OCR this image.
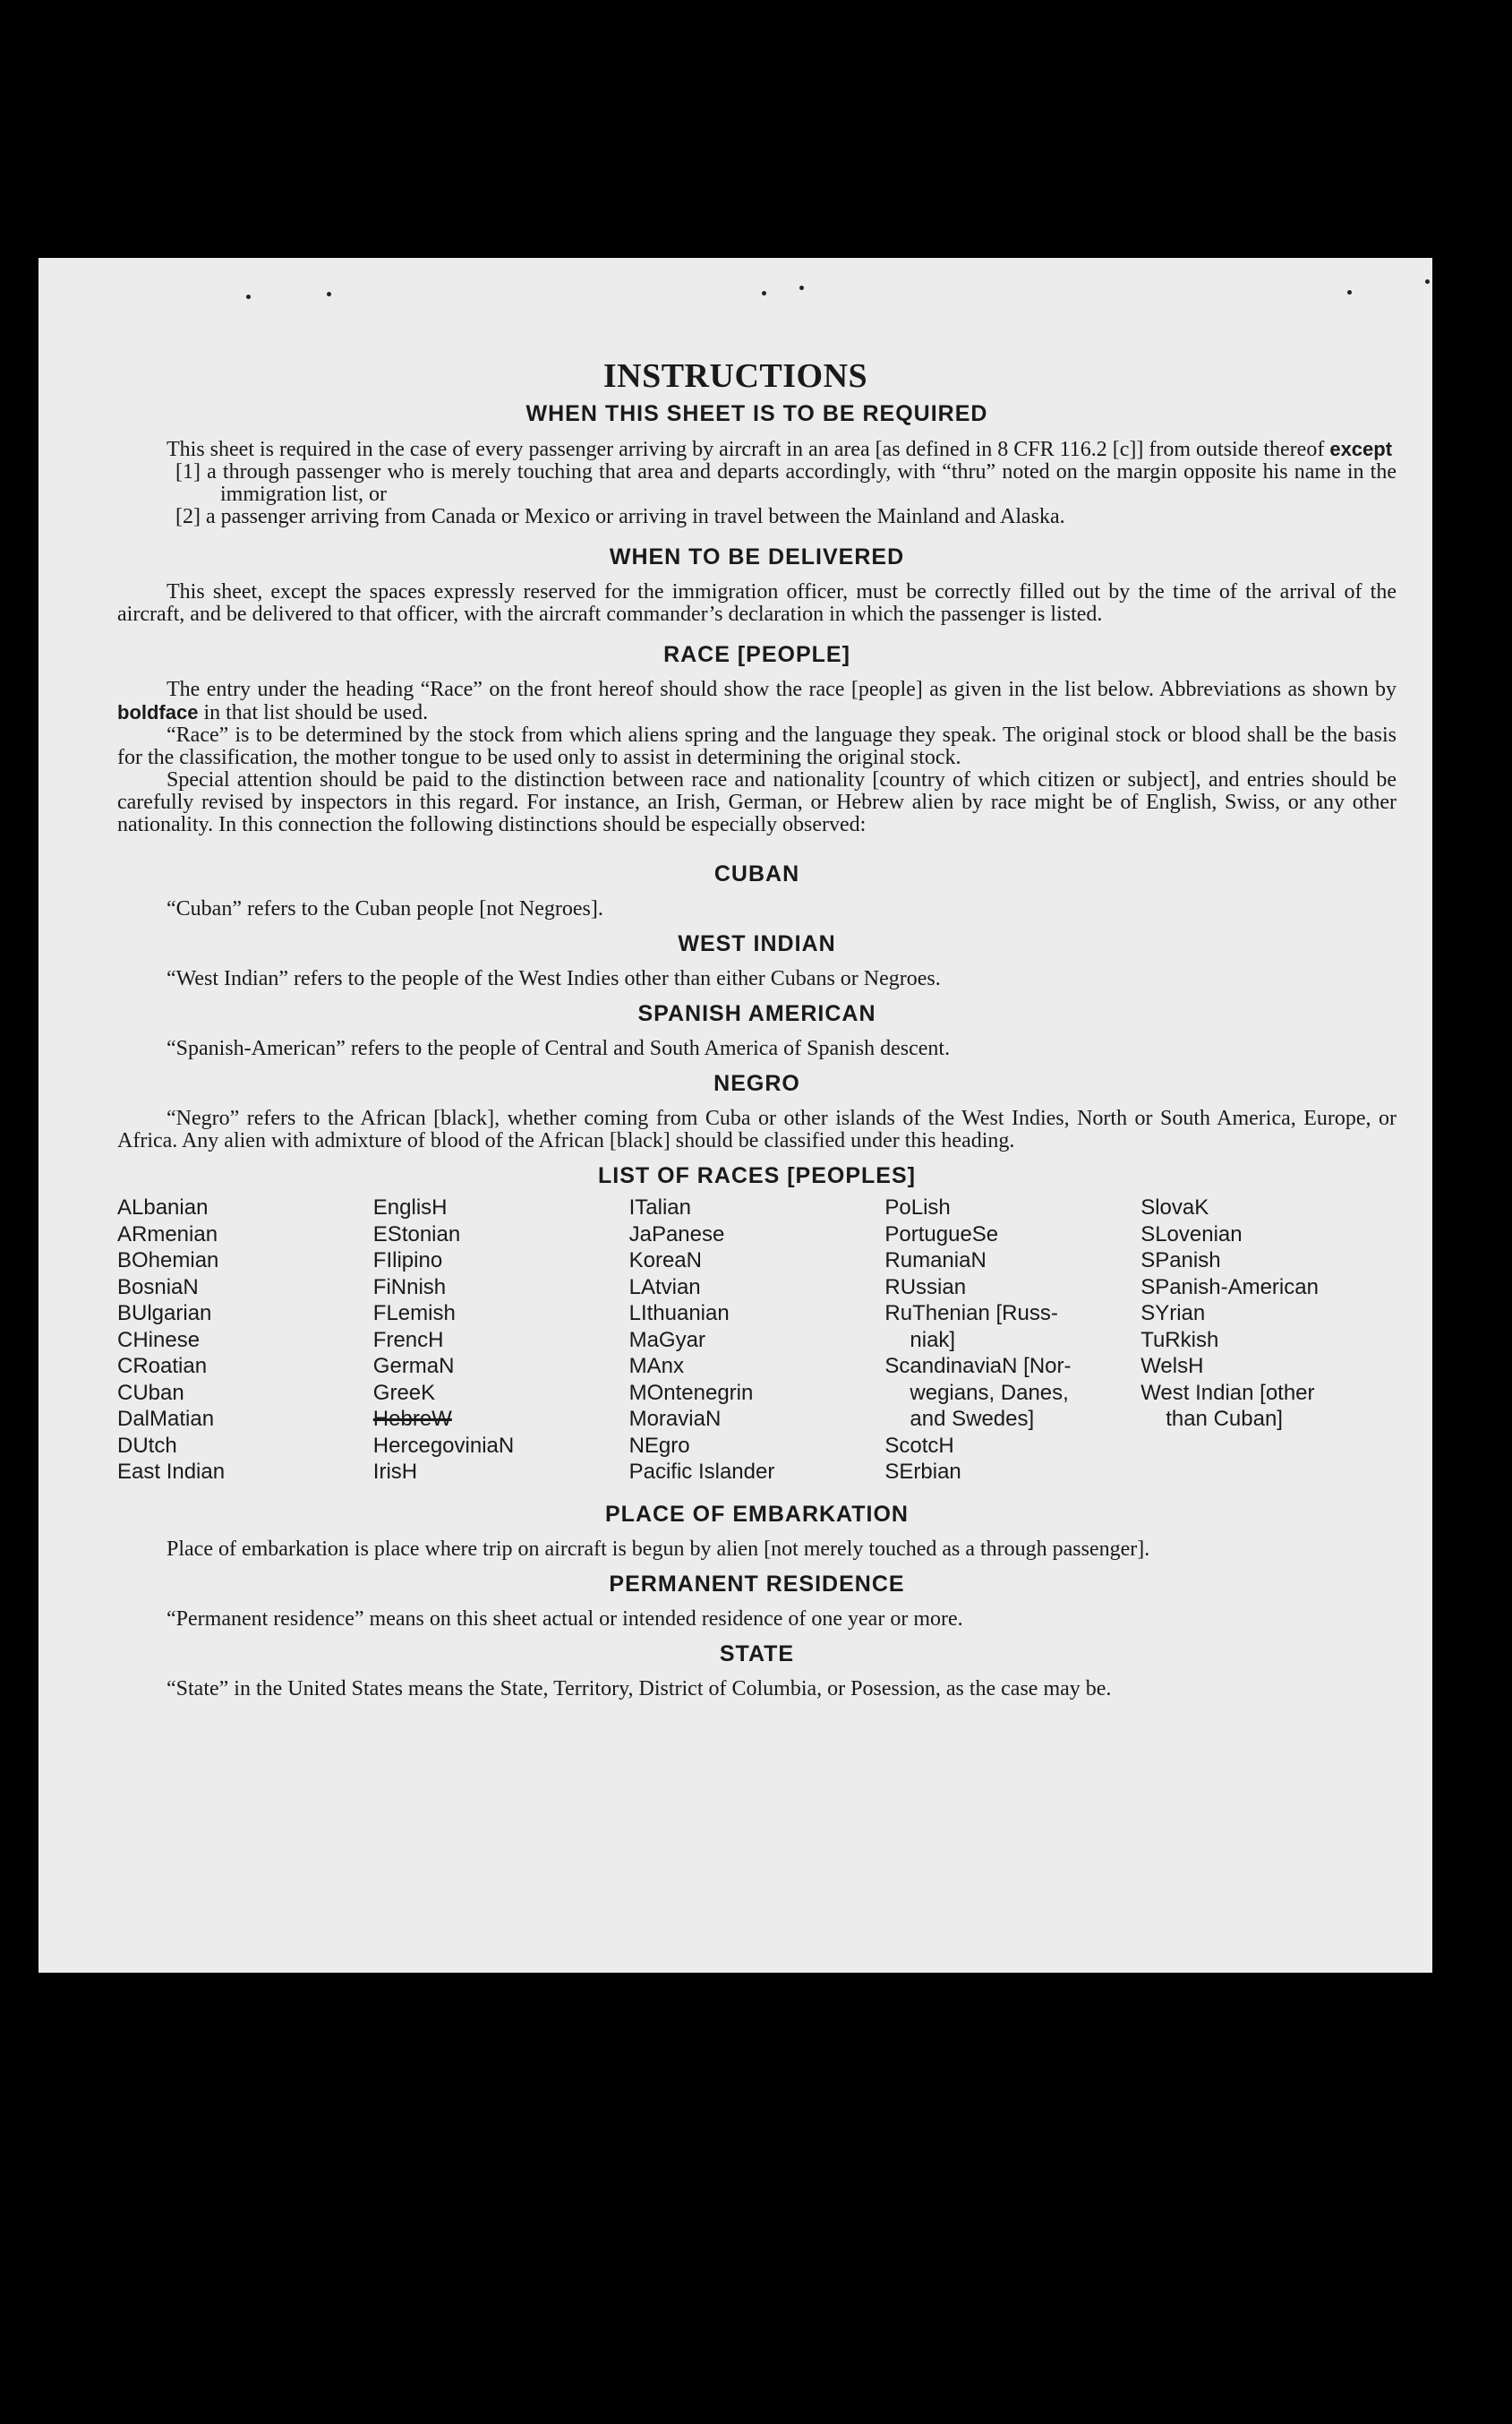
INSTRUCTIONS

WHEN THIS SHEET IS TO BE REQUIRED

This sheet is required in the case of every passenger arriving by aircraft in an area [as defined in 8 CFR 116.2 [c]] from outside thereof except

[1] a through passenger who is merely touching that area and departs accordingly, with “thru” noted on the margin opposite his name in the immigration list, or

[2] a passenger arriving from Canada or Mexico or arriving in travel between the Mainland and Alaska.

WHEN TO BE DELIVERED

This sheet, except the spaces expressly reserved for the immigration officer, must be correctly filled out by the time of the arrival of the aircraft, and be delivered to that officer, with the aircraft commander’s declaration in which the passenger is listed.

RACE [PEOPLE]

The entry under the heading “Race” on the front hereof should show the race [people] as given in the list below. Abbreviations as shown by boldface in that list should be used.

“Race” is to be determined by the stock from which aliens spring and the language they speak. The original stock or blood shall be the basis for the classification, the mother tongue to be used only to assist in determining the original stock.

Special attention should be paid to the distinction between race and nationality [country of which citizen or subject], and entries should be carefully revised by inspectors in this regard. For instance, an Irish, German, or Hebrew alien by race might be of English, Swiss, or any other nationality. In this connection the following distinctions should be especially observed:

CUBAN

“Cuban” refers to the Cuban people [not Negroes].

WEST INDIAN

“West Indian” refers to the people of the West Indies other than either Cubans or Negroes.

SPANISH AMERICAN

“Spanish-American” refers to the people of Central and South America of Spanish descent.

NEGRO

“Negro” refers to the African [black], whether coming from Cuba or other islands of the West Indies, North or South America, Europe, or Africa. Any alien with admixture of blood of the African [black] should be classified under this heading.

LIST OF RACES [PEOPLES]

ALbanian
ARmenian
BOhemian
BosniaN
BUlgarian
CHinese
CRoatian
CUban
DalMatian
DUtch
East Indian
EnglisH
EStonian
FIlipino
FiNnish
FLemish
FrencH
GermaN
GreeK
HebreW
HercegoviniaN
IrisH
ITalian
JaPanese
KoreaN
LAtvian
LIthuanian
MaGyar
MAnx
MOntenegrin
MoraviaN
NEgro
Pacific Islander
PoLish
PortugueSe
RumaniaN
RUssian
RuThenian [Russ-
niak]
ScandinaviaN [Nor-
wegians, Danes,
and Swedes]
ScotcH
SErbian
SlovaK
SLovenian
SPanish
SPanish-American
SYrian
TuRkish
WelsH
West Indian [other
than Cuban]

PLACE OF EMBARKATION

Place of embarkation is place where trip on aircraft is begun by alien [not merely touched as a through passenger].

PERMANENT RESIDENCE

“Permanent residence” means on this sheet actual or intended residence of one year or more.

STATE

“State” in the United States means the State, Territory, District of Columbia, or Posession, as the case may be.
